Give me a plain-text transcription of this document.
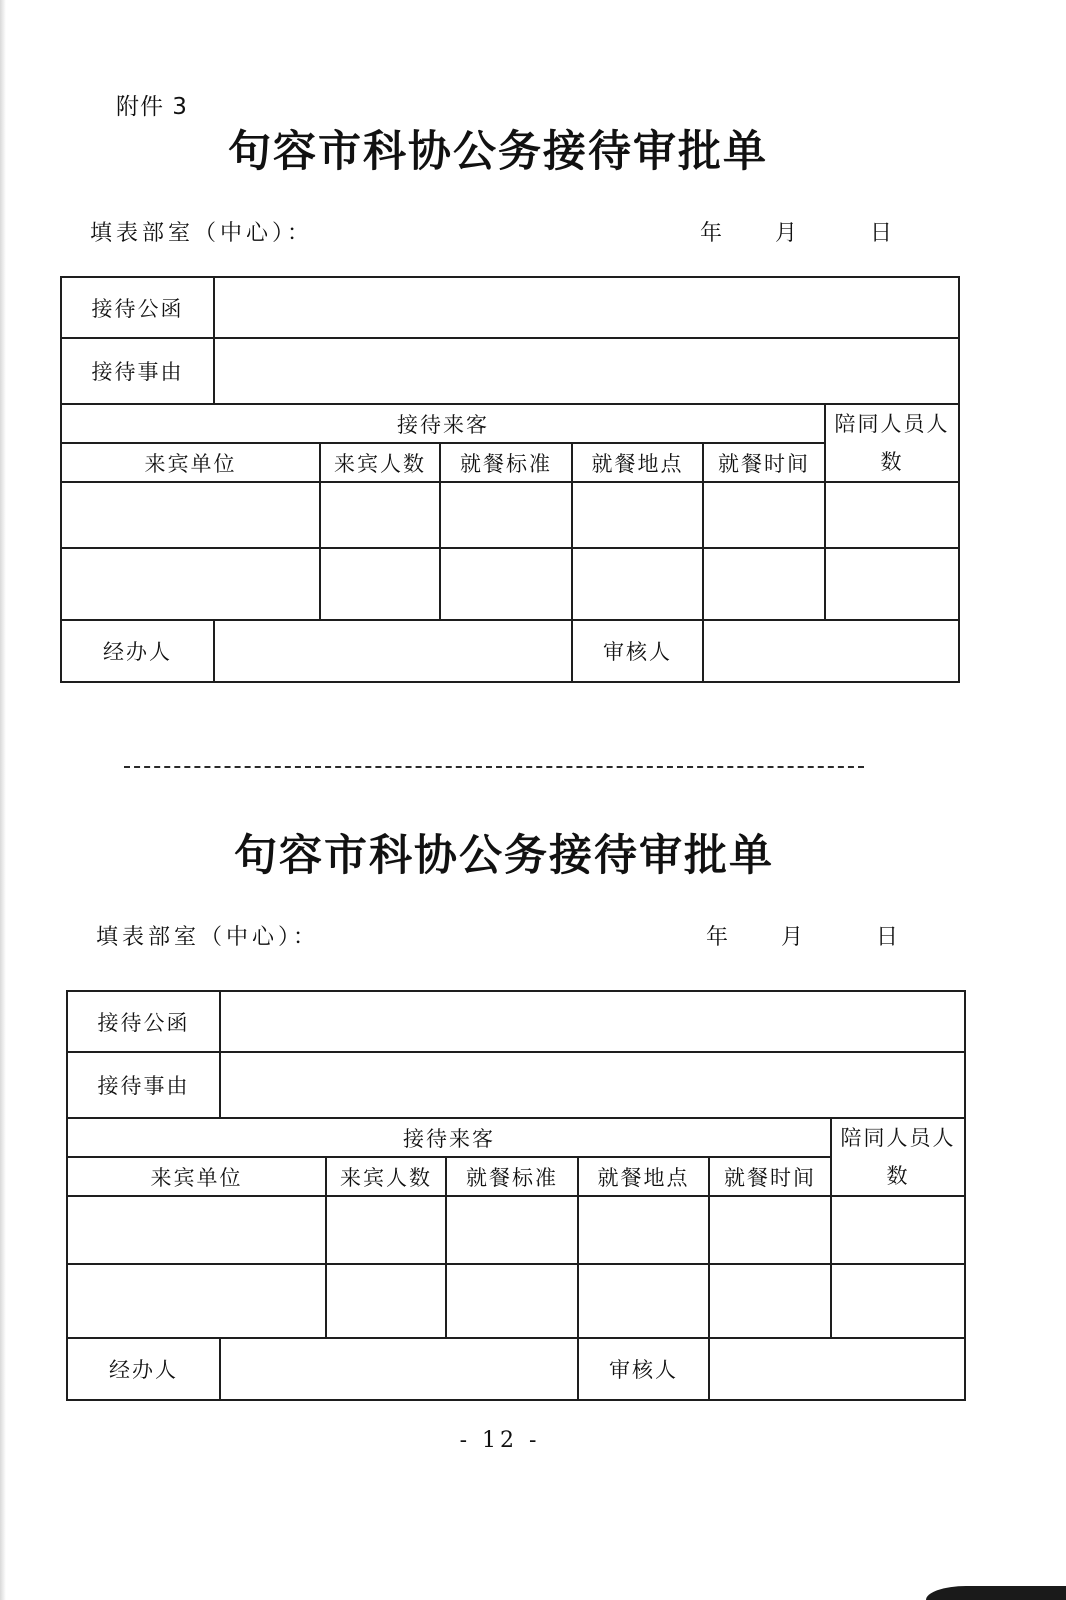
附件 3
句容市科协公务接待审批单
填表部室（中心）：	年 月	日
接待公函						
接待事由						
接待来客						陪同人员人数
来宾单位		来宾人数	就餐标准	就餐地点	就餐时间	

经办人				审核人		
句容市科协公务接待审批单
填表部室（中心）：	年 月	日
接待公函						
接待事由						
接待来客						陪同人员人数
来宾单位		来宾人数	就餐标准	就餐地点	就餐时间	

经办人				审核人		
- 12 -
